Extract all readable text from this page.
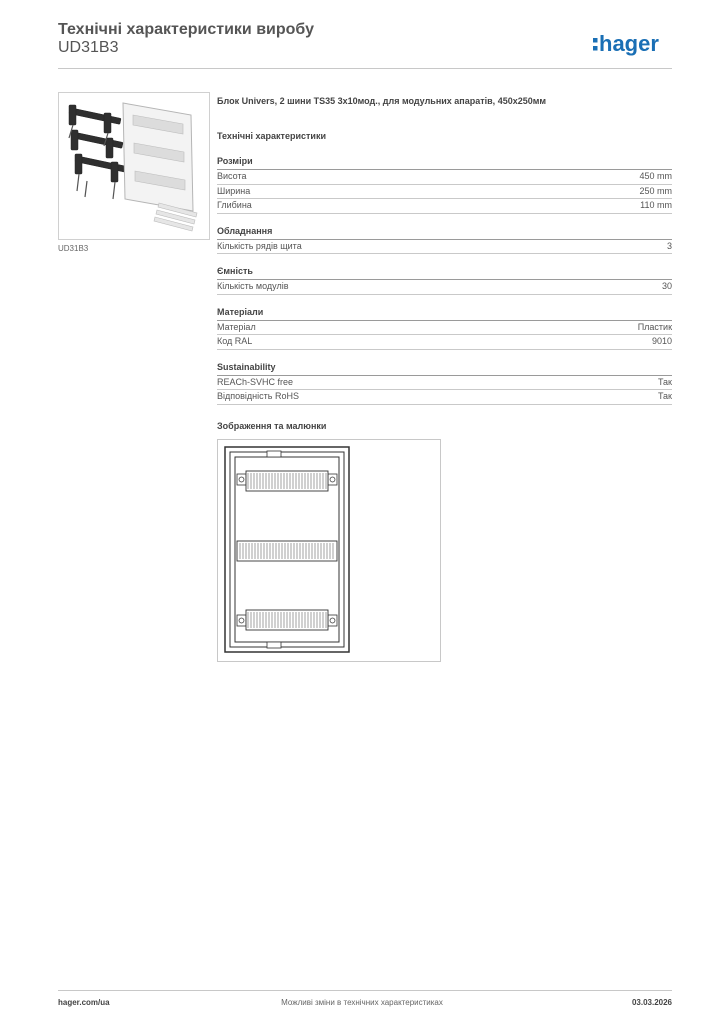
Технічні характеристики виробу
UD31B3	hager
UD31B3
Блок Univers, 2 шини TS35 3х10мод., для модульних апаратів, 450x250мм
Технічні характеристики
Розміри
Висота	450 mm
Ширина	250 mm
Глибина	110 mm
Обладнання
Кількість рядів щита	3
Ємність
Кількість модулів	30
Матеріали
Матеріал	Пластик
Код RAL	9010
Sustainability
REACh-SVHC free	Так
Відповідність RoHS	Так
Зображення та малюнки
hager.com/ua	Можливі зміни в технічних характеристиках	03.03.2026
